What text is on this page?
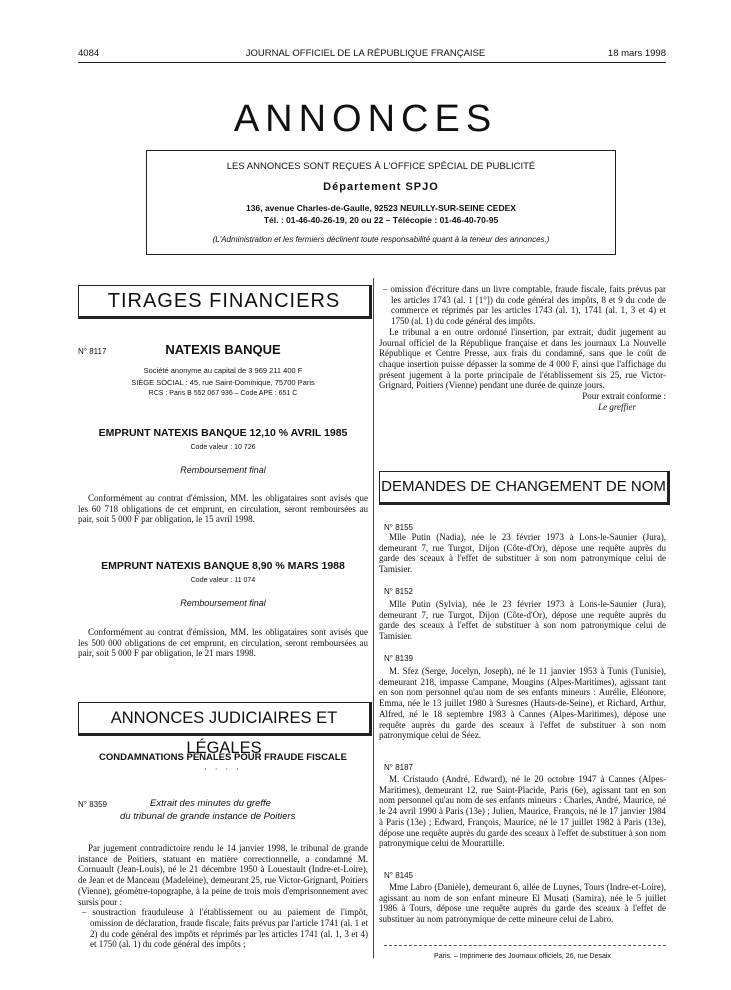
4084	JOURNAL OFFICIEL DE LA RÉPUBLIQUE FRANÇAISE	18 mars 1998
ANNONCES
LES ANNONCES SONT REÇUES À L'OFFICE SPÉCIAL DE PUBLICITÉ
Département SPJO
136, avenue Charles-de-Gaulle, 92523 NEUILLY-SUR-SEINE CEDEX
Tél. : 01-46-40-26-19, 20 ou 22 – Télécopie : 01-46-40-70-95
(L'Administration et les fermiers déclinent toute responsabilité quant à la teneur des annonces.)
TIRAGES FINANCIERS
N° 8117	NATEXIS BANQUE
Société anonyme au capital de 3 969 211 400 F
SIÈGE SOCIAL : 45, rue Saint-Dominique, 75700 Paris
RCS : Paris B 552 067 936 – Code APE : 651 C
EMPRUNT NATEXIS BANQUE 12,10 % AVRIL 1985
Code valeur : 10 726
Remboursement final

Conformément au contrat d'émission, MM. les obligataires sont avisés que les 60 718 obligations de cet emprunt, en circulation, seront remboursées au pair, soit 5 000 F par obligation, le 15 avril 1998.

EMPRUNT NATEXIS BANQUE 8,90 % MARS 1988
Code valeur : 11 074
Remboursement final

Conformément au contrat d'émission, MM. les obligataires sont avisés que les 500 000 obligations de cet emprunt, en circulation, seront remboursées au pair, soit 5 000 F par obligation, le 21 mars 1998.

ANNONCES JUDICIAIRES ET LÉGALES
CONDAMNATIONS PÉNALES POUR FRAUDE FISCALE
· · · ·
N° 8359	Extrait des minutes du greffe
du tribunal de grande instance de Poitiers

Par jugement contradictoire rendu le 14 janvier 1998, le tribunal de grande instance de Poitiers, statuant en matière correctionnelle, a condamné M. Cornuault (Jean-Louis), né le 21 décembre 1950 à Louestault (Indre-et-Loire), de Jean et de Manceau (Madeleine), demeurant 25, rue Victor-Grignard, Poitiers (Vienne), géomètre-topographe, à la peine de trois mois d'emprisonnement avec sursis pour :

– soustraction frauduleuse à l'établissement ou au paiement de l'impôt, omission de déclaration, fraude fiscale, faits prévus par l'article 1741 (al. 1 et 2) du code général des impôts et réprimés par les articles 1741 (al. 1, 3 et 4) et 1750 (al. 1) du code général des impôts ;
– omission d'écriture dans un livre comptable, fraude fiscale, faits prévus par les articles 1743 (al. 1 [1°]) du code général des impôts, 8 et 9 du code de commerce et réprimés par les articles 1743 (al. 1), 1741 (al. 1, 3 et 4) et 1750 (al. 1) du code général des impôts.

Le tribunal a en outre ordonné l'insertion, par extrait, dudit jugement au Journal officiel de la République française et dans les journaux La Nouvelle République et Centre Presse, aux frais du condamné, sans que le coût de chaque insertion puisse dépasser la somme de 4 000 F, ainsi que l'affichage du présent jugement à la porte principale de l'établissement sis 25, rue Victor-Grignard, Poitiers (Vienne) pendant une durée de quinze jours.

Pour extrait conforme :
Le greffier
DEMANDES DE CHANGEMENT DE NOM
N° 8155

Mlle Putin (Nadia), née le 23 février 1973 à Lons-le-Saunier (Jura), demeurant 7, rue Turgot, Dijon (Côte-d'Or), dépose une requête auprès du garde des sceaux à l'effet de substituer à son nom patronymique celui de Tamisier.

N° 8152

Mlle Putin (Sylvia), née le 23 février 1973 à Lons-le-Saunier (Jura), demeurant 7, rue Turgot, Dijon (Côte-d'Or), dépose une requête auprès du garde des sceaux à l'effet de substituer à son nom patronymique celui de Tamisier.

N° 8139

M. Sfez (Serge, Jocelyn, Joseph), né le 11 janvier 1953 à Tunis (Tunisie), demeurant 218, impasse Campane, Mougins (Alpes-Maritimes), agissant tant en son nom personnel qu'au nom de ses enfants mineurs : Aurélie, Eléonore, Emma, née le 13 juillet 1980 à Suresnes (Hauts-de-Seine), et Richard, Arthur, Alfred, né le 18 septembre 1983 à Cannes (Alpes-Maritimes), dépose une requête auprès du garde des sceaux à l'effet de substituer à son nom patronymique celui de Séez.

N° 8187

M. Cristaudo (André, Edward), né le 20 octobre 1947 à Cannes (Alpes-Maritimes), demeurant 12, rue Saint-Placide, Paris (6e), agissant tant en son nom personnel qu'au nom de ses enfants mineurs : Charles, André, Maurice, né le 24 avril 1990 à Paris (13e) ; Julien, Maurice, François, né le 17 janvier 1984 à Paris (13e) ; Edward, François, Maurice, né le 17 juillet 1982 à Paris (13e), dépose une requête auprès du garde des sceaux à l'effet de substituer à son nom patronymique celui de Mourattille.

N° 8145

Mme Labro (Danièle), demeurant 6, allée de Luynes, Tours (Indre-et-Loire), agissant au nom de son enfant mineure El Musati (Samira), née le 5 juillet 1986 à Tours, dépose une requête auprès du garde des sceaux à l'effet de substituer au nom patronymique de cette mineure celui de Labro.

Paris. – Imprimerie des Journaux officiels, 26, rue Desaix
